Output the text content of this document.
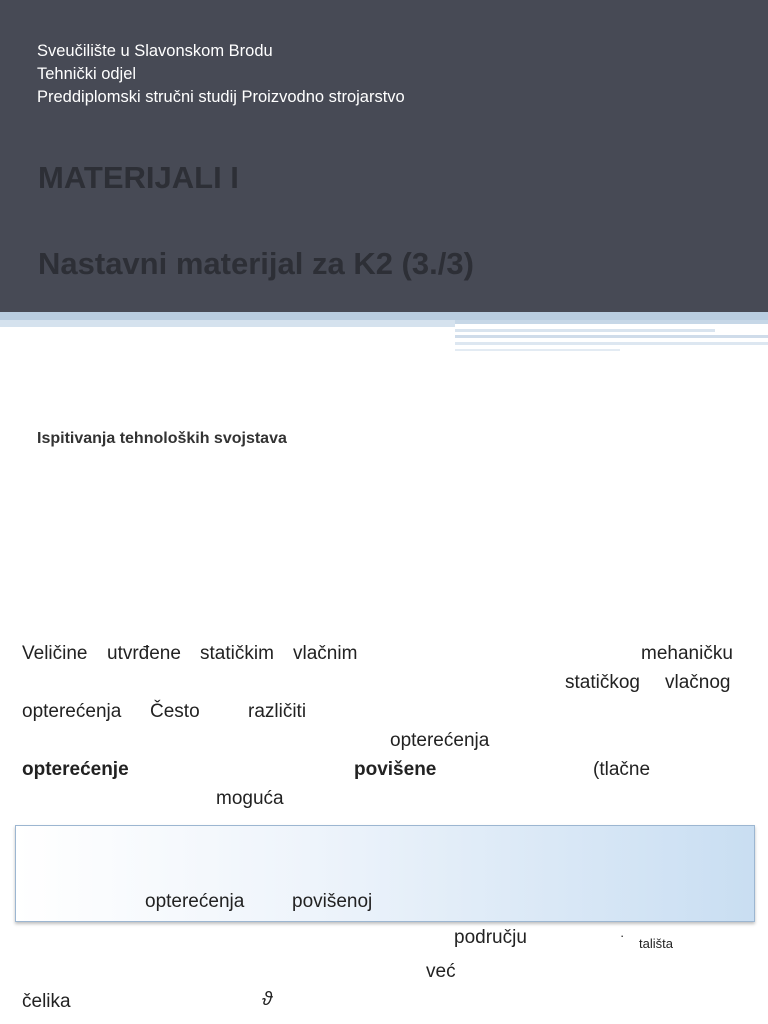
Sveučilište u Slavonskom Brodu
Tehnički odjel
Preddiplomski stručni studij Proizvodno strojarstvo
MATERIJALI I
Nastavni materijal za K2 (3./3)
Ispitivanja tehnoloških svojstava
Veličine utvrđene statičkim vlačnim	mehaničku
statičkog vlačnog
opterećenja Često	različiti
opterećenja
opterećenje	povišene	(tlačne
moguća
opterećenja	povišenoj
području	·
tališta
već
čelika	ϑ
